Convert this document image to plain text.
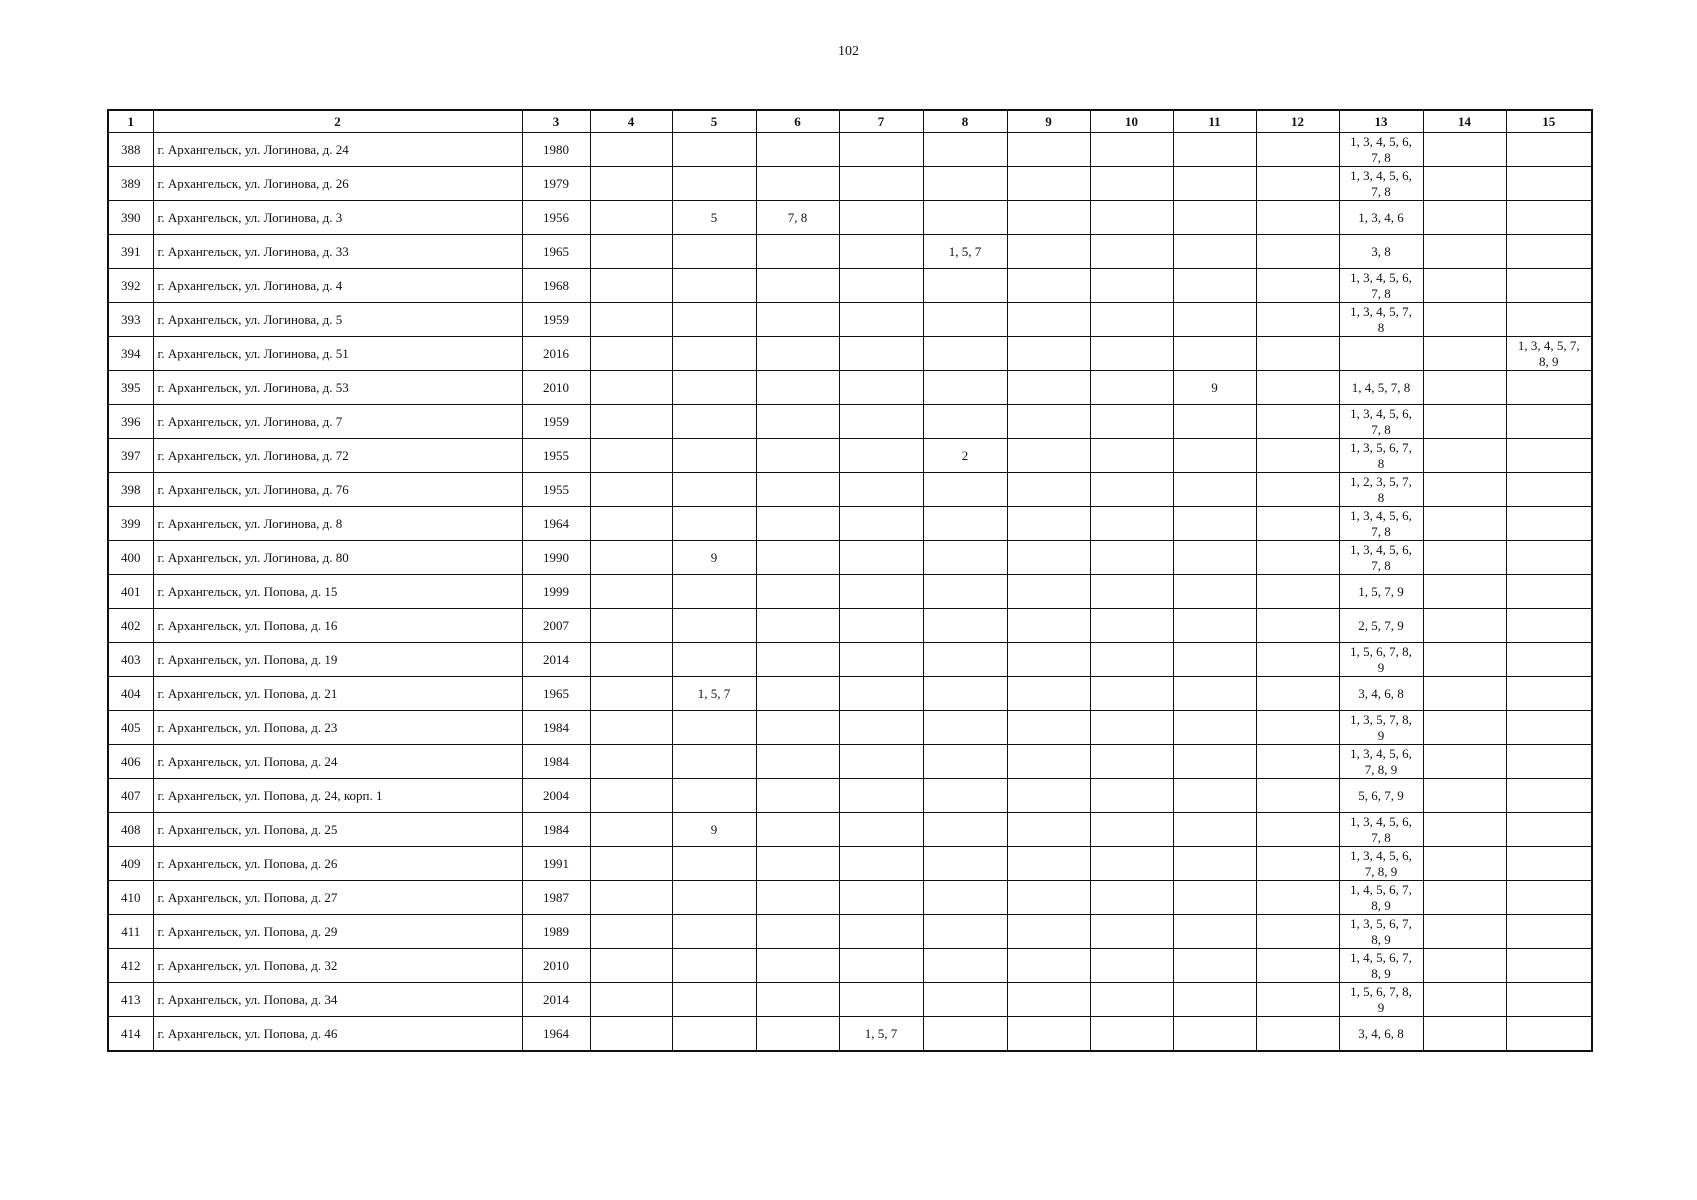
102
1	2	3	4	5	6	7	8	9	10	11	12	13	14	15
388	г. Архангельск, ул. Логинова, д. 24	1980										1, 3, 4, 5, 6, 7, 8		
389	г. Архангельск, ул. Логинова, д. 26	1979										1, 3, 4, 5, 6, 7, 8		
390	г. Архангельск, ул. Логинова, д. 3	1956		5	7, 8							1, 3, 4, 6		
391	г. Архангельск, ул. Логинова, д. 33	1965					1, 5, 7					3, 8		
392	г. Архангельск, ул. Логинова, д. 4	1968										1, 3, 4, 5, 6, 7, 8		
393	г. Архангельск, ул. Логинова, д. 5	1959										1, 3, 4, 5, 7, 8		
394	г. Архангельск, ул. Логинова, д. 51	2016												1, 3, 4, 5, 7, 8, 9
395	г. Архангельск, ул. Логинова, д. 53	2010								9		1, 4, 5, 7, 8		
396	г. Архангельск, ул. Логинова, д. 7	1959										1, 3, 4, 5, 6, 7, 8		
397	г. Архангельск, ул. Логинова, д. 72	1955					2					1, 3, 5, 6, 7, 8		
398	г. Архангельск, ул. Логинова, д. 76	1955										1, 2, 3, 5, 7, 8		
399	г. Архангельск, ул. Логинова, д. 8	1964										1, 3, 4, 5, 6, 7, 8		
400	г. Архангельск, ул. Логинова, д. 80	1990		9								1, 3, 4, 5, 6, 7, 8		
401	г. Архангельск, ул. Попова, д. 15	1999										1, 5, 7, 9		
402	г. Архангельск, ул. Попова, д. 16	2007										2, 5, 7, 9		
403	г. Архангельск, ул. Попова, д. 19	2014										1, 5, 6, 7, 8, 9		
404	г. Архангельск, ул. Попова, д. 21	1965		1, 5, 7								3, 4, 6, 8		
405	г. Архангельск, ул. Попова, д. 23	1984										1, 3, 5, 7, 8, 9		
406	г. Архангельск, ул. Попова, д. 24	1984										1, 3, 4, 5, 6, 7, 8, 9		
407	г. Архангельск, ул. Попова, д. 24, корп. 1	2004										5, 6, 7, 9		
408	г. Архангельск, ул. Попова, д. 25	1984		9								1, 3, 4, 5, 6, 7, 8		
409	г. Архангельск, ул. Попова, д. 26	1991										1, 3, 4, 5, 6, 7, 8, 9		
410	г. Архангельск, ул. Попова, д. 27	1987										1, 4, 5, 6, 7, 8, 9		
411	г. Архангельск, ул. Попова, д. 29	1989										1, 3, 5, 6, 7, 8, 9		
412	г. Архангельск, ул. Попова, д. 32	2010										1, 4, 5, 6, 7, 8, 9		
413	г. Архангельск, ул. Попова, д. 34	2014										1, 5, 6, 7, 8, 9		
414	г. Архангельск, ул. Попова, д. 46	1964				1, 5, 7						3, 4, 6, 8		
